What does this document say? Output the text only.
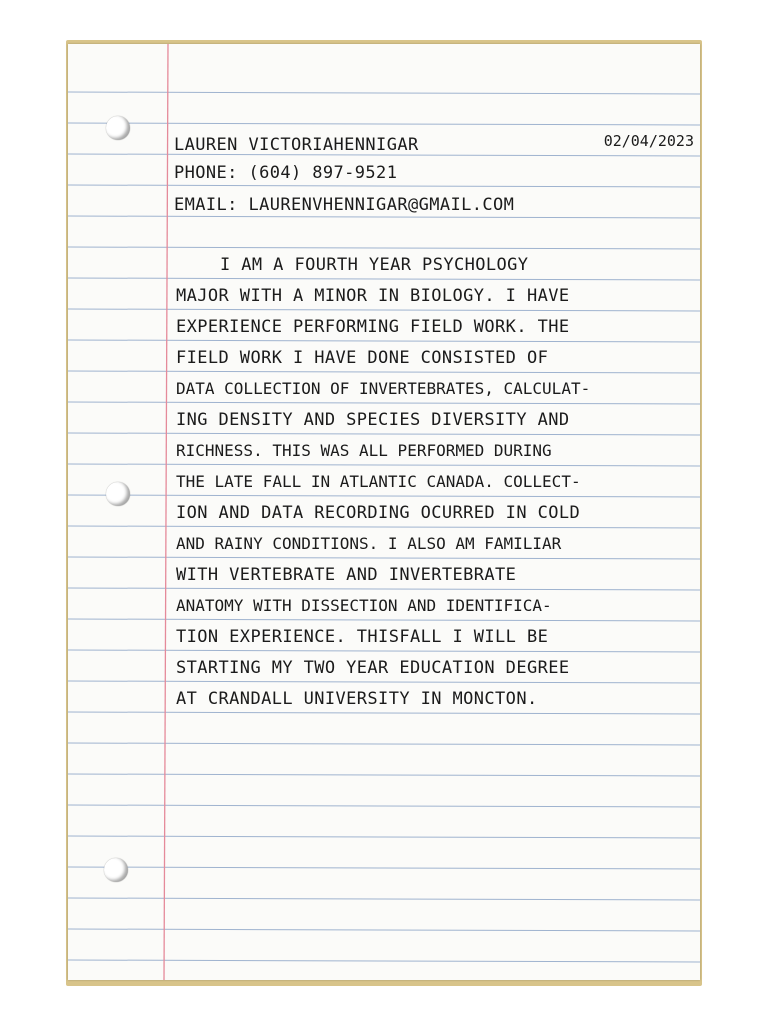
LAUREN VICTORIAHENNIGAR	02/04/2023
PHONE: (604) 897-9521
EMAIL: LAURENVHENNIGAR@GMAIL.COM
I AM A FOURTH YEAR PSYCHOLOGY
MAJOR WITH A MINOR IN BIOLOGY. I HAVE
EXPERIENCE PERFORMING FIELD WORK. THE
FIELD WORK I HAVE DONE CONSISTED OF
DATA COLLECTION OF INVERTEBRATES, CALCULAT-
ING DENSITY AND SPECIES DIVERSITY AND
RICHNESS. THIS WAS ALL PERFORMED DURING
THE LATE FALL IN ATLANTIC CANADA. COLLECT-
ION AND DATA RECORDING OCURRED IN COLD
AND RAINY CONDITIONS. I ALSO AM FAMILIAR
WITH VERTEBRATE AND INVERTEBRATE
ANATOMY WITH DISSECTION AND IDENTIFICA-
TION EXPERIENCE. THISFALL I WILL BE
STARTING MY TWO YEAR EDUCATION DEGREE
AT CRANDALL UNIVERSITY IN MONCTON.
